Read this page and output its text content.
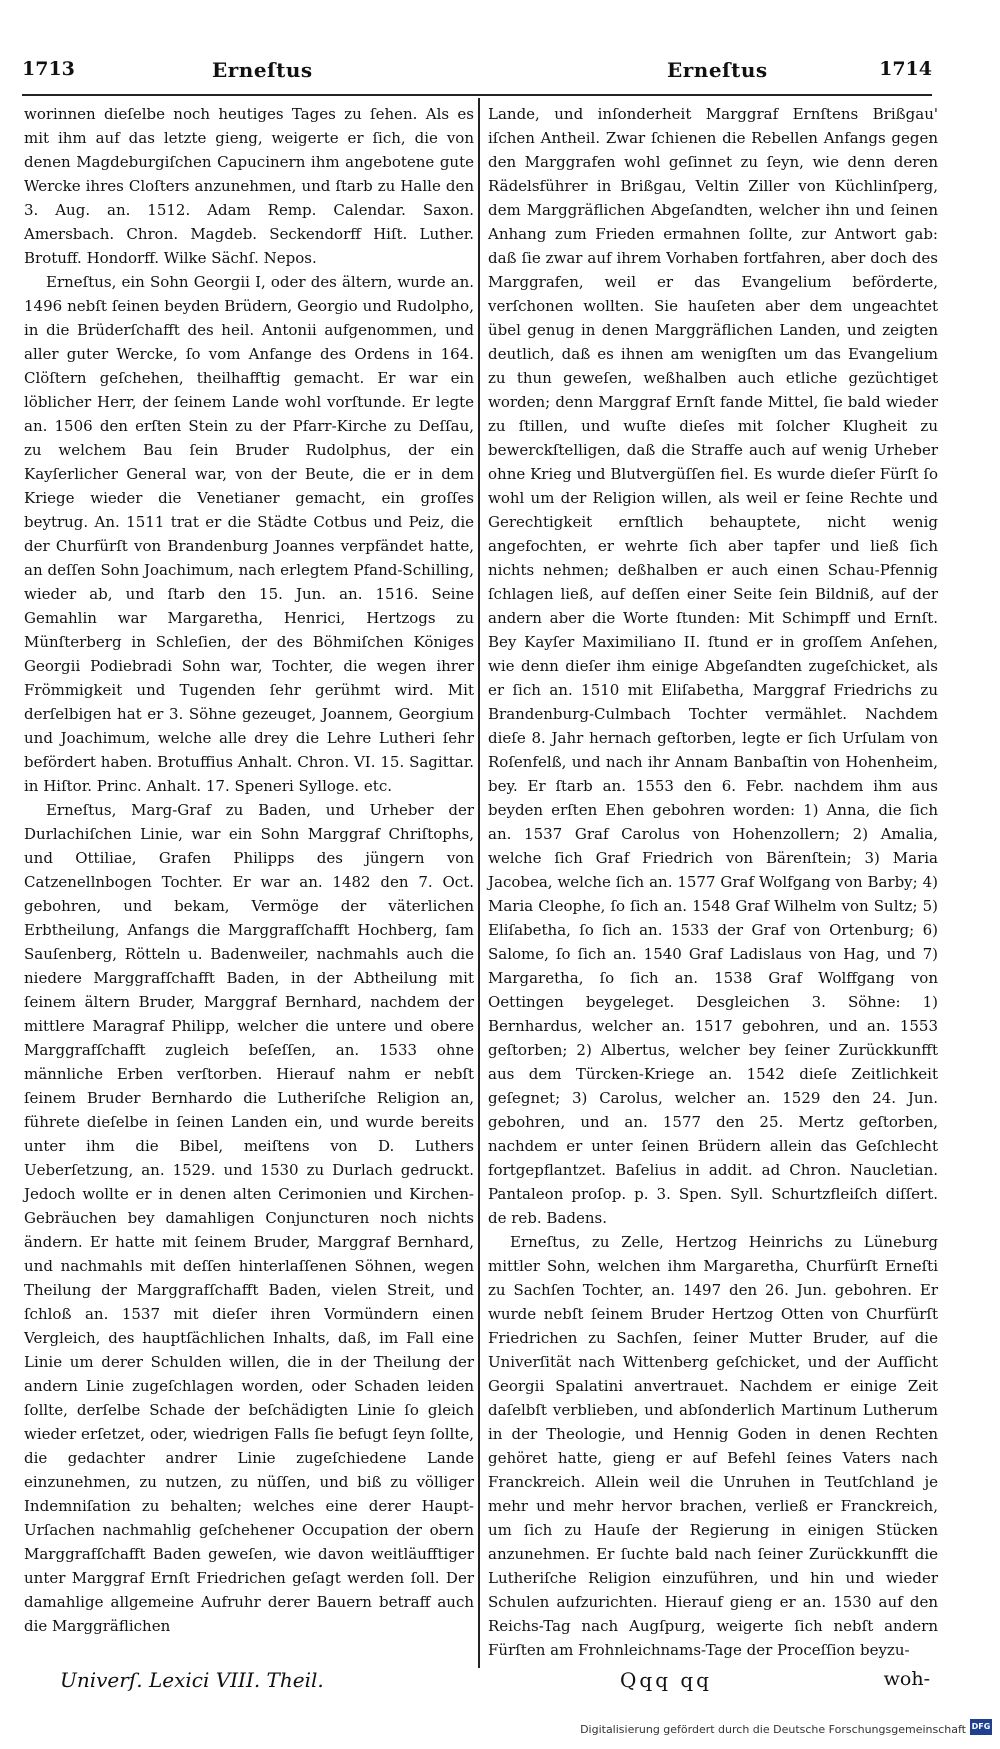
1713	Erneſtus	Erneſtus	1714

worinnen dieſelbe noch heutiges Tages zu ſehen. Als es mit ihm auf das letzte gieng, weigerte er ſich, die von denen Magdeburgiſchen Capucinern ihm angebotene gute Wercke ihres Cloſters anzunehmen, und ſtarb zu Halle den 3. Aug. an. 1512. Adam Remp. Calendar. Saxon. Amersbach. Chron. Magdeb. Seckendorff Hiſt. Luther. Brotuff. Hondorff. Wilke Sächſ. Nepos.

Erneſtus, ein Sohn Georgii I, oder des ältern, wurde an. 1496 nebſt ſeinen beyden Brüdern, Georgio und Rudolpho, in die Brüderſchafft des heil. Antonii aufgenommen, und aller guter Wercke, ſo vom Anfange des Ordens in 164. Clöſtern geſchehen, theilhafftig gemacht. Er war ein löblicher Herr, der ſeinem Lande wohl vorſtunde. Er legte an. 1506 den erſten Stein zu der Pfarr-Kirche zu Deſſau, zu welchem Bau ſein Bruder Rudolphus, der ein Kayſerlicher General war, von der Beute, die er in dem Kriege wieder die Venetianer gemacht, ein groſſes beytrug. An. 1511 trat er die Städte Cotbus und Peiz, die der Churfürſt von Brandenburg Joannes verpfändet hatte, an deſſen Sohn Joachimum, nach erlegtem Pfand-Schilling, wieder ab, und ſtarb den 15. Jun. an. 1516. Seine Gemahlin war Margaretha, Henrici, Hertzogs zu Münſterberg in Schleſien, der des Böhmiſchen Königes Georgii Podiebradi Sohn war, Tochter, die wegen ihrer Frömmigkeit und Tugenden ſehr gerühmt wird. Mit derſelbigen hat er 3. Söhne gezeuget, Joannem, Georgium und Joachimum, welche alle drey die Lehre Lutheri ſehr befördert haben. Brotuffius Anhalt. Chron. VI. 15. Sagittar. in Hiſtor. Princ. Anhalt. 17. Speneri Sylloge. etc.

Erneſtus, Marg-Graf zu Baden, und Urheber der Durlachiſchen Linie, war ein Sohn Marggraf Chriſtophs, und Ottiliae, Grafen Philipps des jüngern von Catzenellnbogen Tochter. Er war an. 1482 den 7. Oct. gebohren, und bekam, Vermöge der väterlichen Erbtheilung, Anfangs die Marggrafſchafft Hochberg, ſam Sauſenberg, Rötteln u. Badenweiler, nachmahls auch die niedere Marggrafſchafft Baden, in der Abtheilung mit ſeinem ältern Bruder, Marggraf Bernhard, nachdem der mittlere Maragraf Philipp, welcher die untere und obere Marggrafſchafft zugleich beſeſſen, an. 1533 ohne männliche Erben verſtorben. Hierauf nahm er nebſt ſeinem Bruder Bernhardo die Lutheriſche Religion an, führete dieſelbe in ſeinen Landen ein, und wurde bereits unter ihm die Bibel, meiſtens von D. Luthers Ueberſetzung, an. 1529. und 1530 zu Durlach gedruckt. Jedoch wollte er in denen alten Cerimonien und Kirchen-Gebräuchen bey damahligen Conjuncturen noch nichts ändern. Er hatte mit ſeinem Bruder, Marggraf Bernhard, und nachmahls mit deſſen hinterlaſſenen Söhnen, wegen Theilung der Marggrafſchafft Baden, vielen Streit, und ſchloß an. 1537 mit dieſer ihren Vormündern einen Vergleich, des hauptſächlichen Inhalts, daß, im Fall eine Linie um derer Schulden willen, die in der Theilung der andern Linie zugeſchlagen worden, oder Schaden leiden ſollte, derſelbe Schade der beſchädigten Linie ſo gleich wieder erſetzet, oder, wiedrigen Falls ſie befugt ſeyn ſollte, die gedachter andrer Linie zugeſchiedene Lande einzunehmen, zu nutzen, zu nüſſen, und biß zu völliger Indemniſation zu behalten; welches eine derer Haupt-Urſachen nachmahlig geſchehener Occupation der obern Marggrafſchafft Baden geweſen, wie davon weitläufftiger unter Marggraf Ernſt Friedrichen geſagt werden ſoll. Der damahlige allgemeine Aufruhr derer Bauern betraff auch die Marggräflichen

Lande, und inſonderheit Marggraf Ernſtens Brißgau' iſchen Antheil. Zwar ſchienen die Rebellen Anfangs gegen den Marggrafen wohl geſinnet zu ſeyn, wie denn deren Rädelsführer in Brißgau, Veltin Ziller von Küchlinſperg, dem Marggräflichen Abgeſandten, welcher ihn und ſeinen Anhang zum Frieden ermahnen ſollte, zur Antwort gab: daß ſie zwar auf ihrem Vorhaben fortfahren, aber doch des Marggrafen, weil er das Evangelium beförderte, verſchonen wollten. Sie hauſeten aber dem ungeachtet übel genug in denen Marggräflichen Landen, und zeigten deutlich, daß es ihnen am wenigſten um das Evangelium zu thun geweſen, weßhalben auch etliche gezüchtiget worden; denn Marggraf Ernſt fande Mittel, ſie bald wieder zu ſtillen, und wuſte dieſes mit ſolcher Klugheit zu bewerckſtelligen, daß die Straffe auch auf wenig Urheber ohne Krieg und Blutvergüſſen fiel. Es wurde dieſer Fürſt ſo wohl um der Religion willen, als weil er ſeine Rechte und Gerechtigkeit ernſtlich behauptete, nicht wenig angefochten, er wehrte ſich aber tapfer und ließ ſich nichts nehmen; deßhalben er auch einen Schau-Pfennig ſchlagen ließ, auf deſſen einer Seite ſein Bildniß, auf der andern aber die Worte ſtunden: Mit Schimpff und Ernſt. Bey Kayſer Maximiliano II. ſtund er in groſſem Anſehen, wie denn dieſer ihm einige Abgeſandten zugeſchicket, als er ſich an. 1510 mit Eliſabetha, Marggraf Friedrichs zu Brandenburg-Culmbach Tochter vermählet. Nachdem dieſe 8. Jahr hernach geſtorben, legte er ſich Urſulam von Roſenfelß, und nach ihr Annam Banbaſtin von Hohenheim, bey. Er ſtarb an. 1553 den 6. Febr. nachdem ihm aus beyden erſten Ehen gebohren worden: 1) Anna, die ſich an. 1537 Graf Carolus von Hohenzollern; 2) Amalia, welche ſich Graf Friedrich von Bärenſtein; 3) Maria Jacobea, welche ſich an. 1577 Graf Wolfgang von Barby; 4) Maria Cleophe, ſo ſich an. 1548 Graf Wilhelm von Sultz; 5) Eliſabetha, ſo ſich an. 1533 der Graf von Ortenburg; 6) Salome, ſo ſich an. 1540 Graf Ladislaus von Hag, und 7) Margaretha, ſo ſich an. 1538 Graf Wolffgang von Oettingen beygeleget. Desgleichen 3. Söhne: 1) Bernhardus, welcher an. 1517 gebohren, und an. 1553 geſtorben; 2) Albertus, welcher bey ſeiner Zurückkunfft aus dem Türcken-Kriege an. 1542 dieſe Zeitlichkeit geſegnet; 3) Carolus, welcher an. 1529 den 24. Jun. gebohren, und an. 1577 den 25. Mertz geſtorben, nachdem er unter ſeinen Brüdern allein das Geſchlecht fortgepflantzet. Baſelius in addit. ad Chron. Naucletian. Pantaleon proſop. p. 3. Spen. Syll. Schurtzfleiſch diſſert. de reb. Badens.

Erneſtus, zu Zelle, Hertzog Heinrichs zu Lüneburg mittler Sohn, welchen ihm Margaretha, Churfürſt Erneſti zu Sachſen Tochter, an. 1497 den 26. Jun. gebohren. Er wurde nebſt ſeinem Bruder Hertzog Otten von Churfürſt Friedrichen zu Sachſen, ſeiner Mutter Bruder, auf die Univerſität nach Wittenberg geſchicket, und der Aufſicht Georgii Spalatini anvertrauet. Nachdem er einige Zeit daſelbſt verblieben, und abſonderlich Martinum Lutherum in der Theologie, und Hennig Goden in denen Rechten gehöret hatte, gieng er auf Befehl ſeines Vaters nach Franckreich. Allein weil die Unruhen in Teutſchland je mehr und mehr hervor brachen, verließ er Franckreich, um ſich zu Hauſe der Regierung in einigen Stücken anzunehmen. Er ſuchte bald nach ſeiner Zurückkunfft die Lutheriſche Religion einzuführen, und hin und wieder Schulen aufzurichten. Hierauf gieng er an. 1530 auf den Reichs-Tag nach Augſpurg, weigerte ſich nebſt andern Fürſten am Frohnleichnams-Tage der Proceſſion beyzu-

Univerſ. Lexici VIII. Theil.	Qqq qq	woh-
Digitalisierung gefördert durch die Deutsche Forschungsgemeinschaft DFG
